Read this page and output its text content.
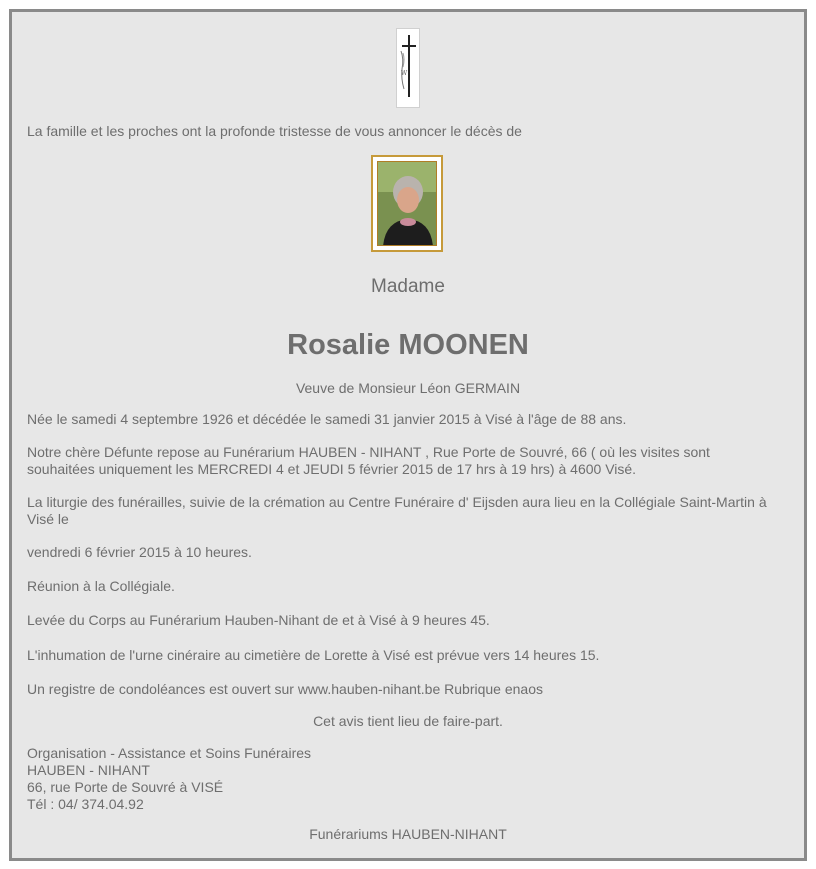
W
La famille et les proches ont la profonde tristesse de vous annoncer le décès de
Madame
Rosalie MOONEN
Veuve de Monsieur Léon GERMAIN
Née le samedi 4 septembre 1926 et décédée le samedi 31 janvier 2015 à Visé à l'âge de 88 ans.
Notre chère Défunte repose au Funérarium HAUBEN - NIHANT , Rue Porte de Souvré, 66 ( où les visites sont souhaitées uniquement les MERCREDI 4 et JEUDI 5 février 2015 de 17 hrs à 19 hrs) à 4600 Visé.
La liturgie des funérailles, suivie de la crémation au Centre Funéraire d' Eijsden aura lieu en la Collégiale Saint-Martin à Visé le
vendredi 6 février 2015 à 10 heures.
Réunion à la Collégiale.
Levée du Corps au Funérarium Hauben-Nihant de et à Visé à 9 heures 45.
L'inhumation de l'urne cinéraire au cimetière de Lorette à Visé est prévue vers 14 heures 15.
Un registre de condoléances est ouvert sur www.hauben-nihant.be Rubrique enaos
Cet avis tient lieu de faire-part.
Organisation - Assistance et Soins Funéraires
HAUBEN - NIHANT
66, rue Porte de Souvré à VISÉ
Tél : 04/ 374.04.92
Funérariums HAUBEN-NIHANT
